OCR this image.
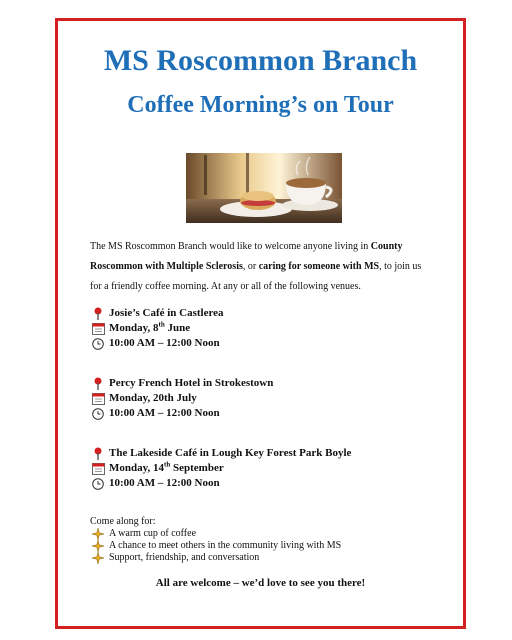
MS Roscommon Branch
Coffee Morning’s on Tour

The MS Roscommon Branch would like to welcome anyone living in County Roscommon with Multiple Sclerosis, or caring for someone with MS, to join us for a friendly coffee morning. At any or all of the following venues.

Josie’s Café in Castlerea
Monday, 8th June
10:00 AM – 12:00 Noon
Percy French Hotel in Strokestown
Monday, 20th July
10:00 AM – 12:00 Noon
The Lakeside Café in Lough Key Forest Park Boyle
Monday, 14th September
10:00 AM – 12:00 Noon
Come along for:
A warm cup of coffee
A chance to meet others in the community living with MS
Support, friendship, and conversation

All are welcome – we’d love to see you there!
